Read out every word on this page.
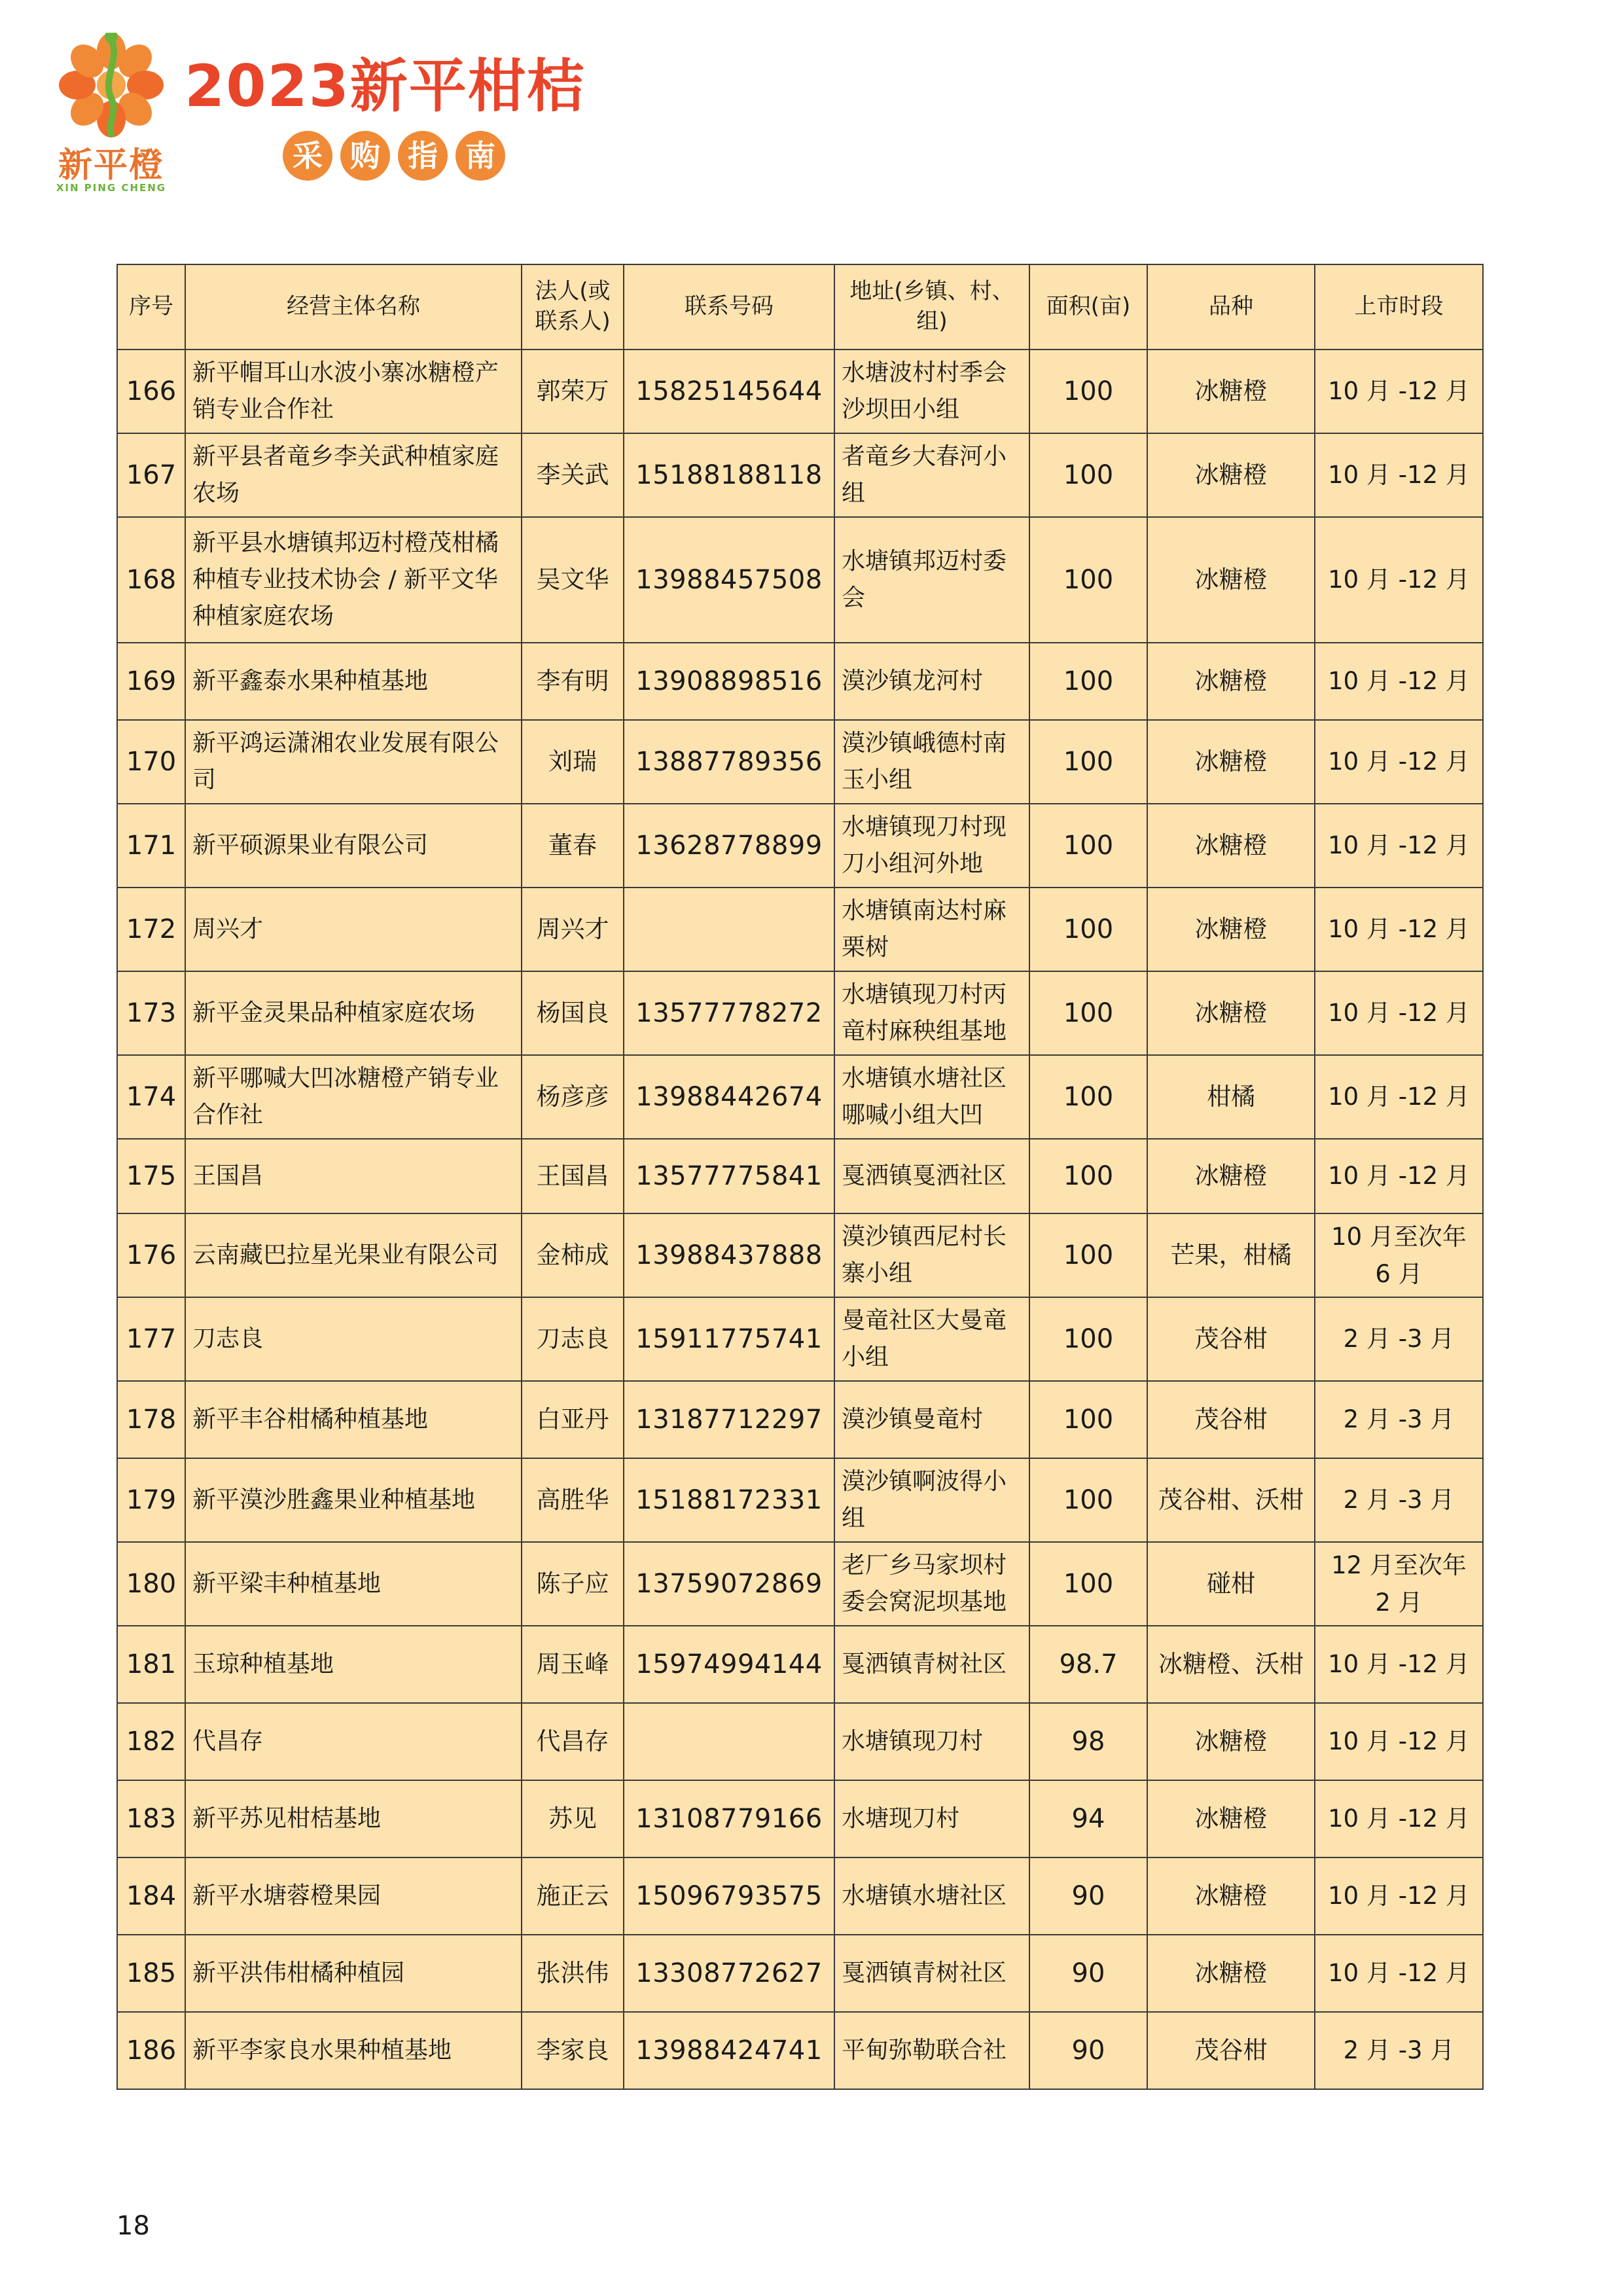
新平橙
XIN PING CHENG
2023新平柑桔
采 购 指 南
序号	经营主体名称	法人(或联系人)	联系号码	地址(乡镇、村、组)	面积(亩)	品种	上市时段
166	新平帽耳山水波小寨冰糖橙产销专业合作社	郭荣万	15825145644	水塘波村村季会沙坝田小组	100	冰糖橙	10 月 -12 月
167	新平县者竜乡李关武种植家庭农场	李关武	15188188118	者竜乡大春河小组	100	冰糖橙	10 月 -12 月
168	新平县水塘镇邦迈村橙茂柑橘种植专业技术协会 / 新平文华种植家庭农场	吴文华	13988457508	水塘镇邦迈村委会	100	冰糖橙	10 月 -12 月
169	新平鑫泰水果种植基地	李有明	13908898516	漠沙镇龙河村	100	冰糖橙	10 月 -12 月
170	新平鸿运潇湘农业发展有限公司	刘瑞	13887789356	漠沙镇峨德村南玉小组	100	冰糖橙	10 月 -12 月
171	新平硕源果业有限公司	董春	13628778899	水塘镇现刀村现刀小组河外地	100	冰糖橙	10 月 -12 月
172	周兴才	周兴才		水塘镇南达村麻栗树	100	冰糖橙	10 月 -12 月
173	新平金灵果品种植家庭农场	杨国良	13577778272	水塘镇现刀村丙竜村麻秧组基地	100	冰糖橙	10 月 -12 月
174	新平哪喊大凹冰糖橙产销专业合作社	杨彦彦	13988442674	水塘镇水塘社区哪喊小组大凹	100	柑橘	10 月 -12 月
175	王国昌	王国昌	13577775841	戛洒镇戛洒社区	100	冰糖橙	10 月 -12 月
176	云南藏巴拉星光果业有限公司	金柿成	13988437888	漠沙镇西尼村长寨小组	100	芒果，柑橘	10 月至次年 6 月
177	刀志良	刀志良	15911775741	曼竜社区大曼竜小组	100	茂谷柑	2 月 -3 月
178	新平丰谷柑橘种植基地	白亚丹	13187712297	漠沙镇曼竜村	100	茂谷柑	2 月 -3 月
179	新平漠沙胜鑫果业种植基地	高胜华	15188172331	漠沙镇啊波得小组	100	茂谷柑、沃柑	2 月 -3 月
180	新平梁丰种植基地	陈子应	13759072869	老厂乡马家坝村委会窝泥坝基地	100	碰柑	12 月至次年 2 月
181	玉琼种植基地	周玉峰	15974994144	戛洒镇青树社区	98.7	冰糖橙、沃柑	10 月 -12 月
182	代昌存	代昌存		水塘镇现刀村	98	冰糖橙	10 月 -12 月
183	新平苏见柑桔基地	苏见	13108779166	水塘现刀村	94	冰糖橙	10 月 -12 月
184	新平水塘蓉橙果园	施正云	15096793575	水塘镇水塘社区	90	冰糖橙	10 月 -12 月
185	新平洪伟柑橘种植园	张洪伟	13308772627	戛洒镇青树社区	90	冰糖橙	10 月 -12 月
186	新平李家良水果种植基地	李家良	13988424741	平甸弥勒联合社	90	茂谷柑	2 月 -3 月
18
